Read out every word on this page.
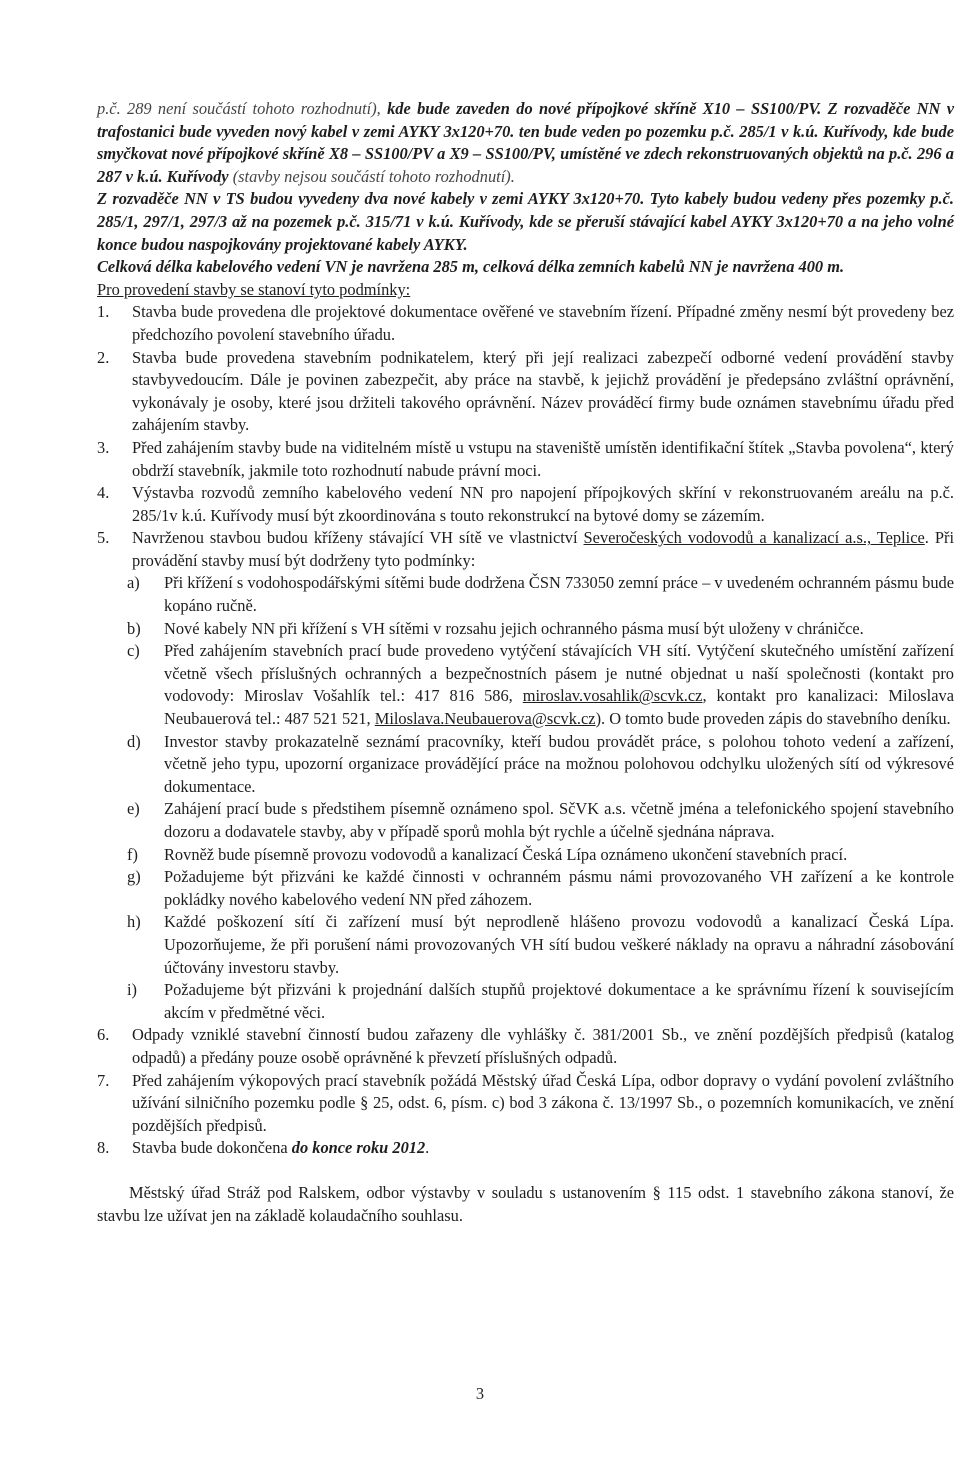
p.č. 289 není součástí tohoto rozhodnutí), kde bude zaveden do nové přípojkové skříně X10 – SS100/PV. Z rozvaděče NN v trafostanici bude vyveden nový kabel v zemi AYKY 3x120+70. ten bude veden po pozemku p.č. 285/1 v k.ú. Kuřívody, kde bude smyčkovat nové přípojkové skříně X8 – SS100/PV a X9 – SS100/PV, umístěné ve zdech rekonstruovaných objektů na p.č. 296 a 287 v k.ú. Kuřívody (stavby nejsou součástí tohoto rozhodnutí).

Z rozvaděče NN v TS budou vyvedeny dva nové kabely v zemi AYKY 3x120+70. Tyto kabely budou vedeny přes pozemky p.č. 285/1, 297/1, 297/3 až na pozemek p.č. 315/71 v k.ú. Kuřívody, kde se přeruší stávající kabel AYKY 3x120+70 a na jeho volné konce budou naspojkovány projektované kabely AYKY.

Celková délka kabelového vedení VN je navržena 285 m, celková délka zemních kabelů NN je navržena 400 m.

Pro provedení stavby se stanoví tyto podmínky:

1.	Stavba bude provedena dle projektové dokumentace ověřené ve stavebním řízení. Případné změny nesmí být provedeny bez předchozího povolení stavebního úřadu.
2.	Stavba bude provedena stavebním podnikatelem, který při její realizaci zabezpečí odborné vedení provádění stavby stavbyvedoucím. Dále je povinen zabezpečit, aby práce na stavbě, k jejichž provádění je předepsáno zvláštní oprávnění, vykonávaly je osoby, které jsou držiteli takového oprávnění. Název prováděcí firmy bude oznámen stavebnímu úřadu před zahájením stavby.
3.	Před zahájením stavby bude na viditelném místě u vstupu na staveniště umístěn identifikační štítek „Stavba povolena“, který obdrží stavebník, jakmile toto rozhodnutí nabude právní moci.
4.	Výstavba rozvodů zemního kabelového vedení NN pro napojení přípojkových skříní v rekonstruovaném areálu na p.č. 285/1v k.ú. Kuřívody musí být zkoordinována s touto rekonstrukcí na bytové domy se zázemím.
5.	Navrženou stavbou budou kříženy stávající VH sítě ve vlastnictví Severočeských vodovodů a kanalizací a.s., Teplice. Při provádění stavby musí být dodrženy tyto podmínky:
a)	Při křížení s vodohospodářskými sítěmi bude dodržena ČSN 733050 zemní práce – v uvedeném ochranném pásmu bude kopáno ručně.
b)	Nové kabely NN při křížení s VH sítěmi v rozsahu jejich ochranného pásma musí být uloženy v chráničce.
c)	Před zahájením stavebních prací bude provedeno vytýčení stávajících VH sítí. Vytýčení skutečného umístění zařízení včetně všech příslušných ochranných a bezpečnostních pásem je nutné objednat u naší společnosti (kontakt pro vodovody: Miroslav Vošahlík tel.: 417 816 586, miroslav.vosahlik@scvk.cz, kontakt pro kanalizaci: Miloslava Neubauerová tel.: 487 521 521, Miloslava.Neubauerova@scvk.cz). O tomto bude proveden zápis do stavebního deníku.
d)	Investor stavby prokazatelně seznámí pracovníky, kteří budou provádět práce, s polohou tohoto vedení a zařízení, včetně jeho typu, upozorní organizace provádějící práce na možnou polohovou odchylku uložených sítí od výkresové dokumentace.
e)	Zahájení prací bude s předstihem písemně oznámeno spol. SčVK a.s. včetně jména a telefonického spojení stavebního dozoru a dodavatele stavby, aby v případě sporů mohla být rychle a účelně sjednána náprava.
f)	Rovněž bude písemně provozu vodovodů a kanalizací Česká Lípa oznámeno ukončení stavebních prací.
g)	Požadujeme být přizváni ke každé činnosti v ochranném pásmu námi provozovaného VH zařízení a ke kontrole pokládky nového kabelového vedení NN před záhozem.
h)	Každé poškození sítí či zařízení musí být neprodleně hlášeno provozu vodovodů a kanalizací Česká Lípa. Upozorňujeme, že při porušení námi provozovaných VH sítí budou veškeré náklady na opravu a náhradní zásobování účtovány investoru stavby.
i)	Požadujeme být přizváni k projednání dalších stupňů projektové dokumentace a ke správnímu řízení k souvisejícím akcím v předmětné věci.
6.	Odpady vzniklé stavební činností budou zařazeny dle vyhlášky č. 381/2001 Sb., ve znění pozdějších předpisů (katalog odpadů) a předány pouze osobě oprávněné k převzetí příslušných odpadů.
7.	Před zahájením výkopových prací stavebník požádá Městský úřad Česká Lípa, odbor dopravy o vydání povolení zvláštního užívání silničního pozemku podle § 25, odst. 6, písm. c) bod 3 zákona č. 13/1997 Sb., o pozemních komunikacích, ve znění pozdějších předpisů.
8.	Stavba bude dokončena do konce roku 2012.

Městský úřad Stráž pod Ralskem, odbor výstavby v souladu s ustanovením § 115 odst. 1 stavebního zákona stanoví, že stavbu lze užívat jen na základě kolaudačního souhlasu.

3
